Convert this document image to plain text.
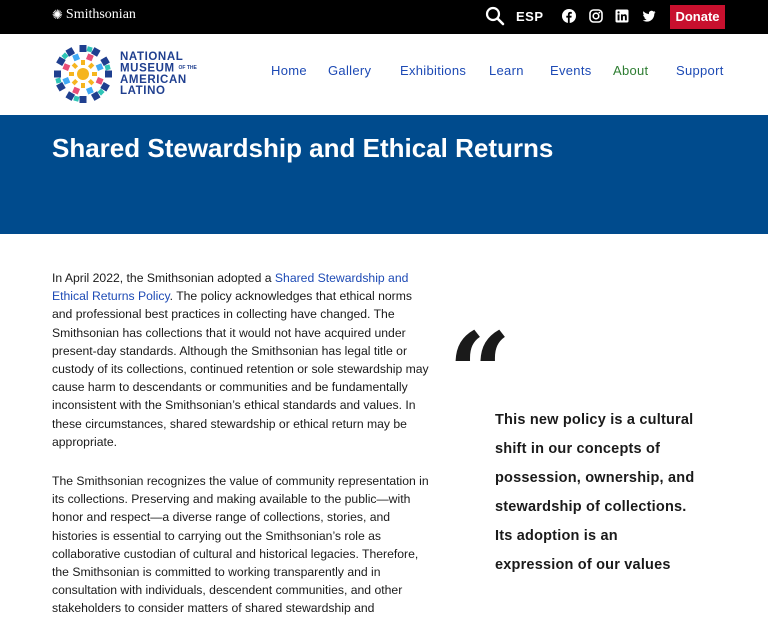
✺ Smithsonian	ESP	Donate
NATIONAL
MUSEUM OF THE
AMERICAN
LATINO
Home Gallery Exhibitions Learn Events About Support
Shared Stewardship and Ethical Returns

In April 2022, the Smithsonian adopted a Shared Stewardship and Ethical Returns Policy. The policy acknowledges that ethical norms and professional best practices in collecting have changed. The Smithsonian has collections that it would not have acquired under present-day standards. Although the Smithsonian has legal title or custody of its collections, continued retention or sole stewardship may cause harm to descendants or communities and be fundamentally inconsistent with the Smithsonian’s ethical standards and values. In these circumstances, shared stewardship or ethical return may be appropriate.

The Smithsonian recognizes the value of community representation in its collections. Preserving and making available to the public—with honor and respect—a diverse range of collections, stories, and histories is essential to carrying out the Smithsonian’s role as collaborative custodian of cultural and historical legacies. Therefore, the Smithsonian is committed to working transparently and in consultation with individuals, descendent communities, and other stakeholders to consider matters of shared stewardship and

“
This new policy is a cultural shift in our concepts of possession, ownership, and stewardship of collections. Its adoption is an expression of our values
